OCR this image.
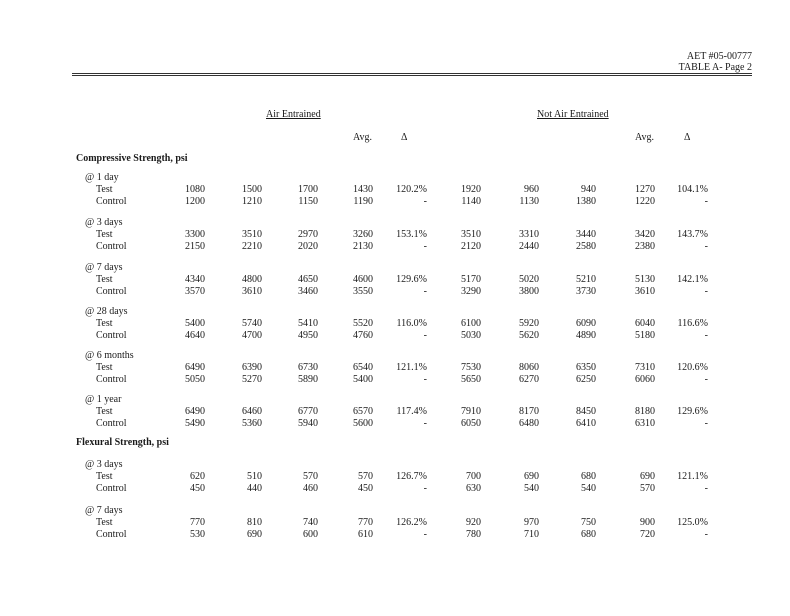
AET #05-00777
TABLE A- Page 2
Air Entrained	Not Air Entrained
Avg.	Δ	Avg.	Δ
Compressive Strength, psi
@ 1 day
Test	1080	1500	1700	1430	120.2%	1920	960	940	1270	104.1%
Control	1200	1210	1150	1190	-	1140	1130	1380	1220	-
@ 3 days
Test	3300	3510	2970	3260	153.1%	3510	3310	3440	3420	143.7%
Control	2150	2210	2020	2130	-	2120	2440	2580	2380	-
@ 7 days
Test	4340	4800	4650	4600	129.6%	5170	5020	5210	5130	142.1%
Control	3570	3610	3460	3550	-	3290	3800	3730	3610	-
@ 28 days
Test	5400	5740	5410	5520	116.0%	6100	5920	6090	6040	116.6%
Control	4640	4700	4950	4760	-	5030	5620	4890	5180	-
@ 6 months
Test	6490	6390	6730	6540	121.1%	7530	8060	6350	7310	120.6%
Control	5050	5270	5890	5400	-	5650	6270	6250	6060	-
@ 1 year
Test	6490	6460	6770	6570	117.4%	7910	8170	8450	8180	129.6%
Control	5490	5360	5940	5600	-	6050	6480	6410	6310	-
Flexural Strength, psi
@ 3 days
Test	620	510	570	570	126.7%	700	690	680	690	121.1%
Control	450	440	460	450	-	630	540	540	570	-
@ 7 days
Test	770	810	740	770	126.2%	920	970	750	900	125.0%
Control	530	690	600	610	-	780	710	680	720	-
